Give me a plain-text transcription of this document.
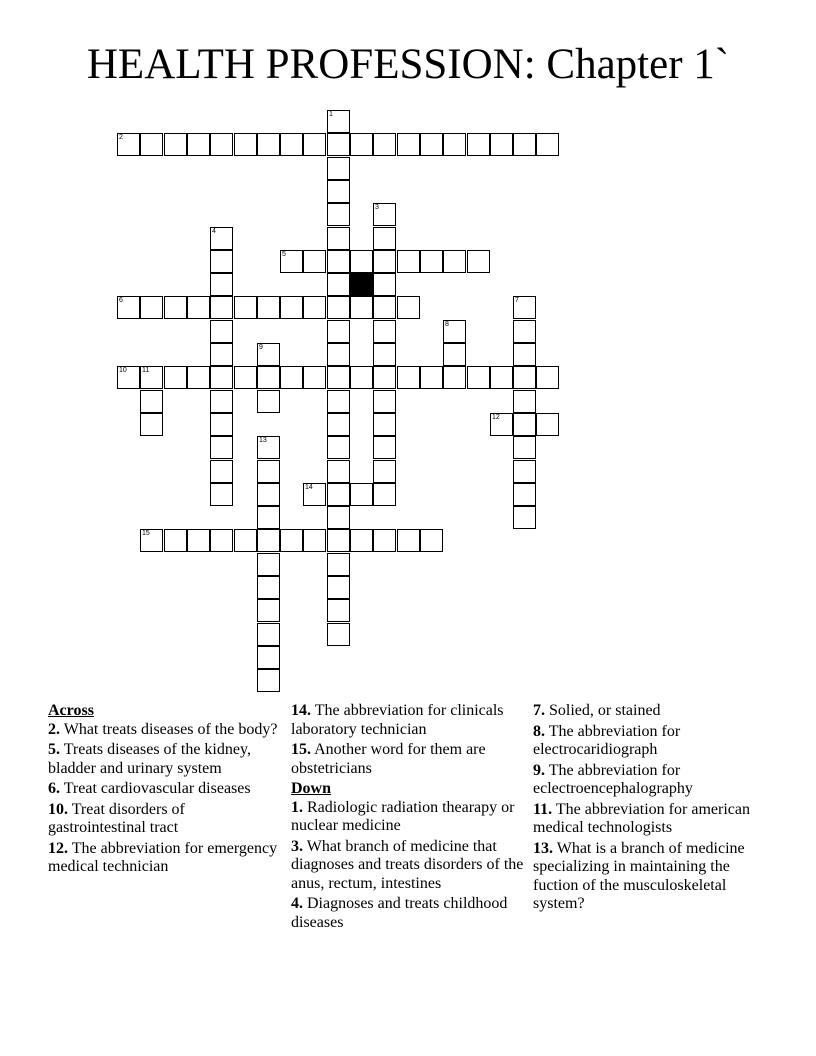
HEALTH PROFESSION: Chapter 1`
1
2
3
4
5
6	7
8
9
10 11
12
13
14
15
Across
2. What treats diseases of the body?
5. Treats diseases of the kidney, bladder and urinary system
6. Treat cardiovascular diseases
10. Treat disorders of gastrointestinal tract
12. The abbreviation for emergency medical technician
14. The abbreviation for clinicals laboratory technician
15. Another word for them are obstetricians
Down
1. Radiologic radiation thearapy or nuclear medicine
3. What branch of medicine that diagnoses and treats disorders of the anus, rectum, intestines
4. Diagnoses and treats childhood diseases
7. Solied, or stained
8. The abbreviation for electrocaridiograph
9. The abbreviation for eclectroencephalography
11. The abbreviation for american medical technologists
13. What is a branch of medicine specializing in maintaining the fuction of the musculoskeletal system?
